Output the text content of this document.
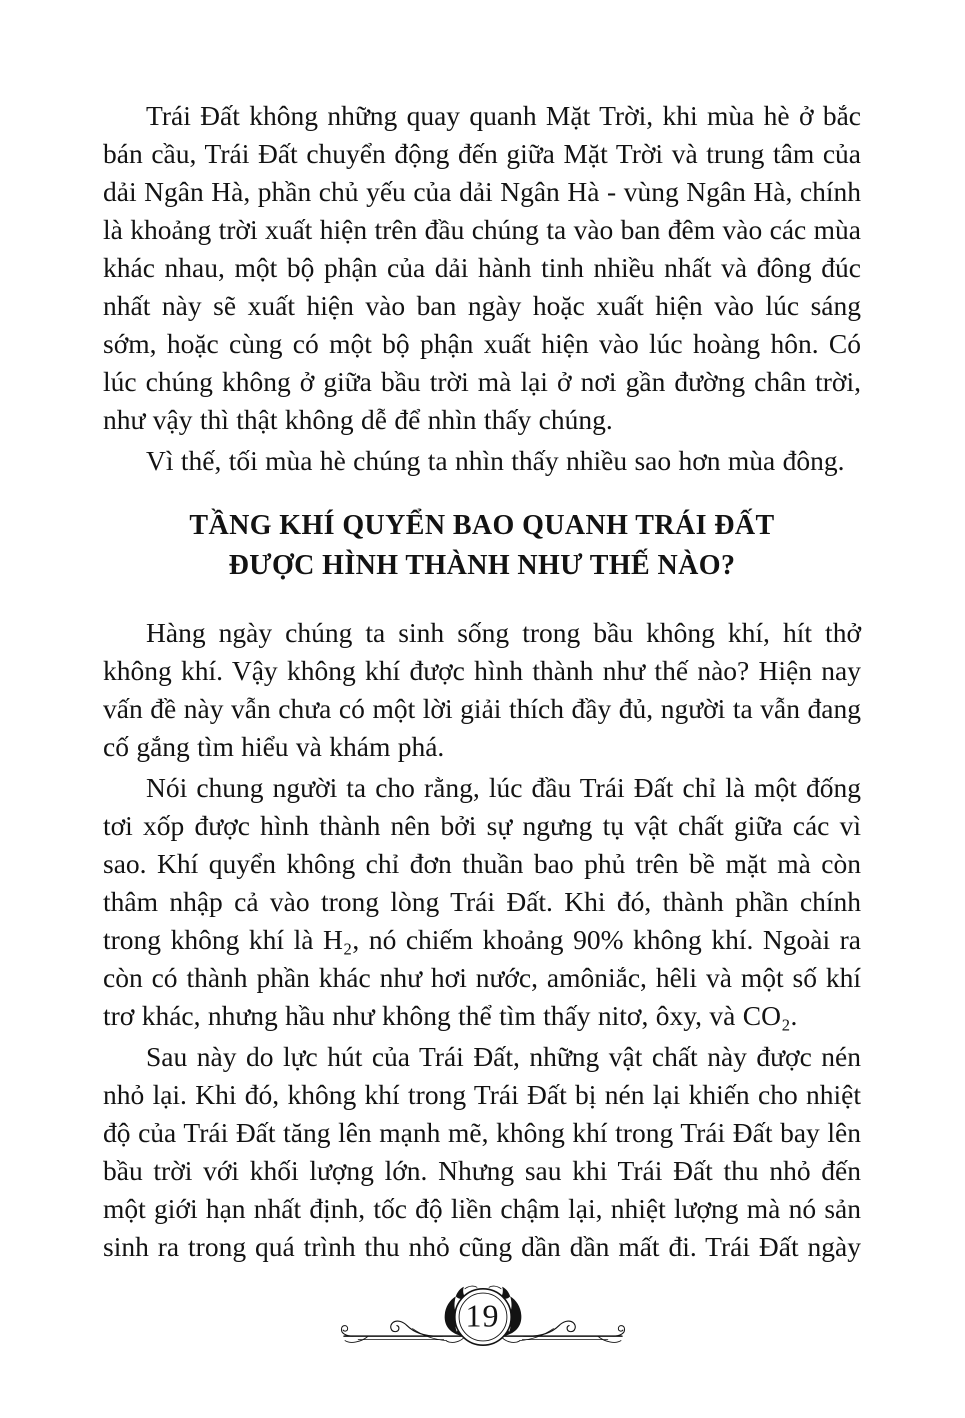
Trái Đất không những quay quanh Mặt Trời, khi mùa hè ở bắc bán cầu, Trái Đất chuyển động đến giữa Mặt Trời và trung tâm của dải Ngân Hà, phần chủ yếu của dải Ngân Hà - vùng Ngân Hà, chính là khoảng trời xuất hiện trên đầu chúng ta vào ban đêm vào các mùa khác nhau, một bộ phận của dải hành tinh nhiều nhất và đông đúc nhất này sẽ xuất hiện vào ban ngày hoặc xuất hiện vào lúc sáng sớm, hoặc cùng có một bộ phận xuất hiện vào lúc hoàng hôn. Có lúc chúng không ở giữa bầu trời mà lại ở nơi gần đường chân trời, như vậy thì thật không dễ để nhìn thấy chúng.

Vì thế, tối mùa hè chúng ta nhìn thấy nhiều sao hơn mùa đông.

TẦNG KHÍ QUYỂN BAO QUANH TRÁI ĐẤT
ĐƯỢC HÌNH THÀNH NHƯ THẾ NÀO?

Hàng ngày chúng ta sinh sống trong bầu không khí, hít thở không khí. Vậy không khí được hình thành như thế nào? Hiện nay vấn đề này vẫn chưa có một lời giải thích đầy đủ, người ta vẫn đang cố gắng tìm hiểu và khám phá.

Nói chung người ta cho rằng, lúc đầu Trái Đất chỉ là một đống tơi xốp được hình thành nên bởi sự ngưng tụ vật chất giữa các vì sao. Khí quyển không chỉ đơn thuần bao phủ trên bề mặt mà còn thâm nhập cả vào trong lòng Trái Đất. Khi đó, thành phần chính trong không khí là H₂, nó chiếm khoảng 90% không khí. Ngoài ra còn có thành phần khác như hơi nước, amôniắc, hêli và một số khí trơ khác, nhưng hầu như không thể tìm thấy nitơ, ôxy, và CO₂.

Sau này do lực hút của Trái Đất, những vật chất này được nén nhỏ lại. Khi đó, không khí trong Trái Đất bị nén lại khiến cho nhiệt độ của Trái Đất tăng lên mạnh mẽ, không khí trong Trái Đất bay lên bầu trời với khối lượng lớn. Nhưng sau khi Trái Đất thu nhỏ đến một giới hạn nhất định, tốc độ liền chậm lại, nhiệt lượng mà nó sản sinh ra trong quá trình thu nhỏ cũng dần dần mất đi. Trái Đất ngày

19
